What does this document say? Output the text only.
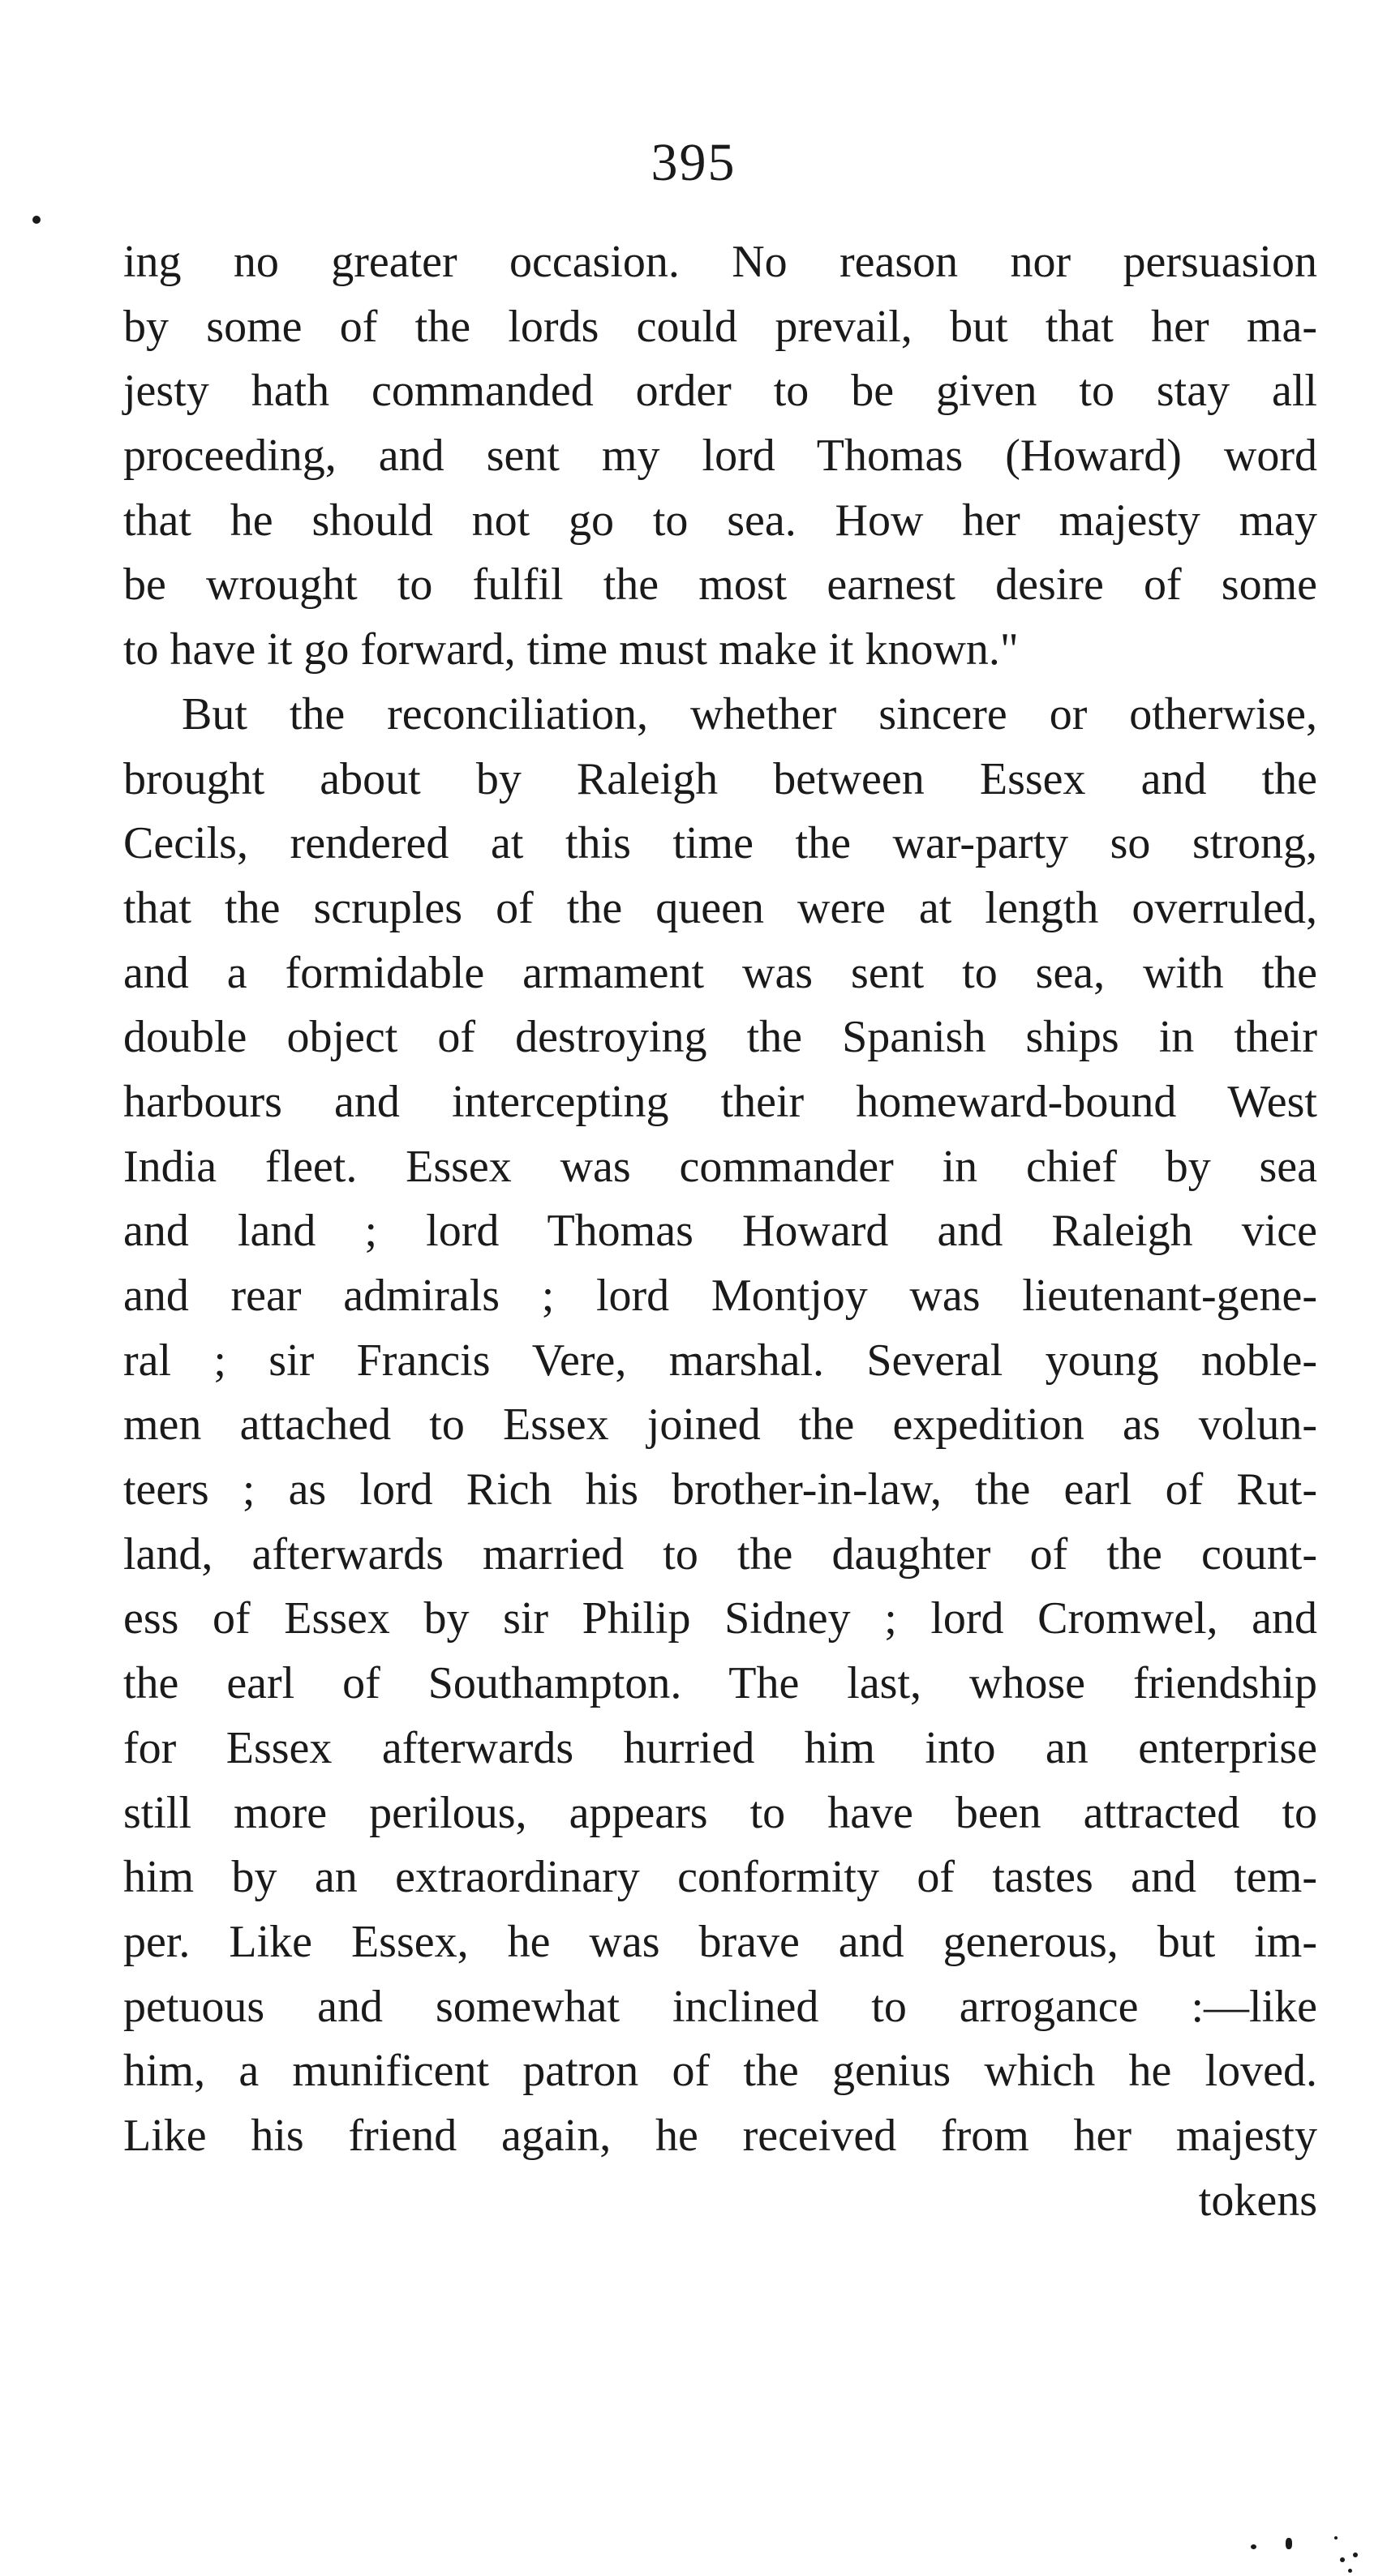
395
ing no greater occasion. No reason nor persuasion
by some of the lords could prevail, but that her ma-
jesty hath commanded order to be given to stay all
proceeding, and sent my lord Thomas (Howard) word
that he should not go to sea. How her majesty may
be wrought to fulfil the most earnest desire of some
to have it go forward, time must make it known."
But the reconciliation, whether sincere or otherwise,
brought about by Raleigh between Essex and the
Cecils, rendered at this time the war-party so strong,
that the scruples of the queen were at length overruled,
and a formidable armament was sent to sea, with the
double object of destroying the Spanish ships in their
harbours and intercepting their homeward-bound West
India fleet. Essex was commander in chief by sea
and land ; lord Thomas Howard and Raleigh vice
and rear admirals ; lord Montjoy was lieutenant-gene-
ral ; sir Francis Vere, marshal. Several young noble-
men attached to Essex joined the expedition as volun-
teers ; as lord Rich his brother-in-law, the earl of Rut-
land, afterwards married to the daughter of the count-
ess of Essex by sir Philip Sidney ; lord Cromwel, and
the earl of Southampton. The last, whose friendship
for Essex afterwards hurried him into an enterprise
still more perilous, appears to have been attracted to
him by an extraordinary conformity of tastes and tem-
per. Like Essex, he was brave and generous, but im-
petuous and somewhat inclined to arrogance :—like
him, a munificent patron of the genius which he loved.
Like his friend again, he received from her majesty
tokens
